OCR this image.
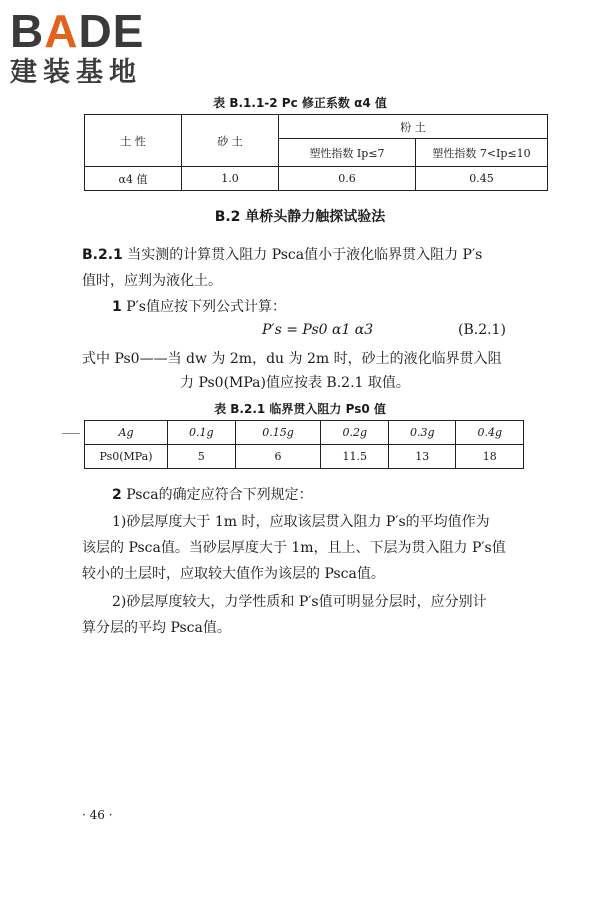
BADE
建装基地
表 B.1.1-2 Pc 修正系数 α4 值
土 性	砂 土	粉 土	
		塑性指数 Ip≤7	塑性指数 7<Ip≤10
α4 值	1.0	0.6	0.45
B.2 单桥头静力触探试验法
B.2.1 当实测的计算贯入阻力 Psca值小于液化临界贯入阻力 P′s
值时，应判为液化土。
1 P′s值应按下列公式计算：
P′s = Ps0 α1 α3	(B.2.1)
式中 Ps0——当 dw 为 2m，du 为 2m 时，砂土的液化临界贯入阻
力 Ps0(MPa)值应按表 B.2.1 取值。
表 B.2.1 临界贯入阻力 Ps0 值
Ag	0.1g	0.15g	0.2g	0.3g	0.4g
Ps0(MPa)	5	6	11.5	13	18
2 Psca的确定应符合下列规定：
1)砂层厚度大于 1m 时，应取该层贯入阻力 P′s的平均值作为
该层的 Psca值。当砂层厚度大于 1m，且上、下层为贯入阻力 P′s值
较小的土层时，应取较大值作为该层的 Psca值。
2)砂层厚度较大，力学性质和 P′s值可明显分层时，应分别计
算分层的平均 Psca值。
· 46 ·
